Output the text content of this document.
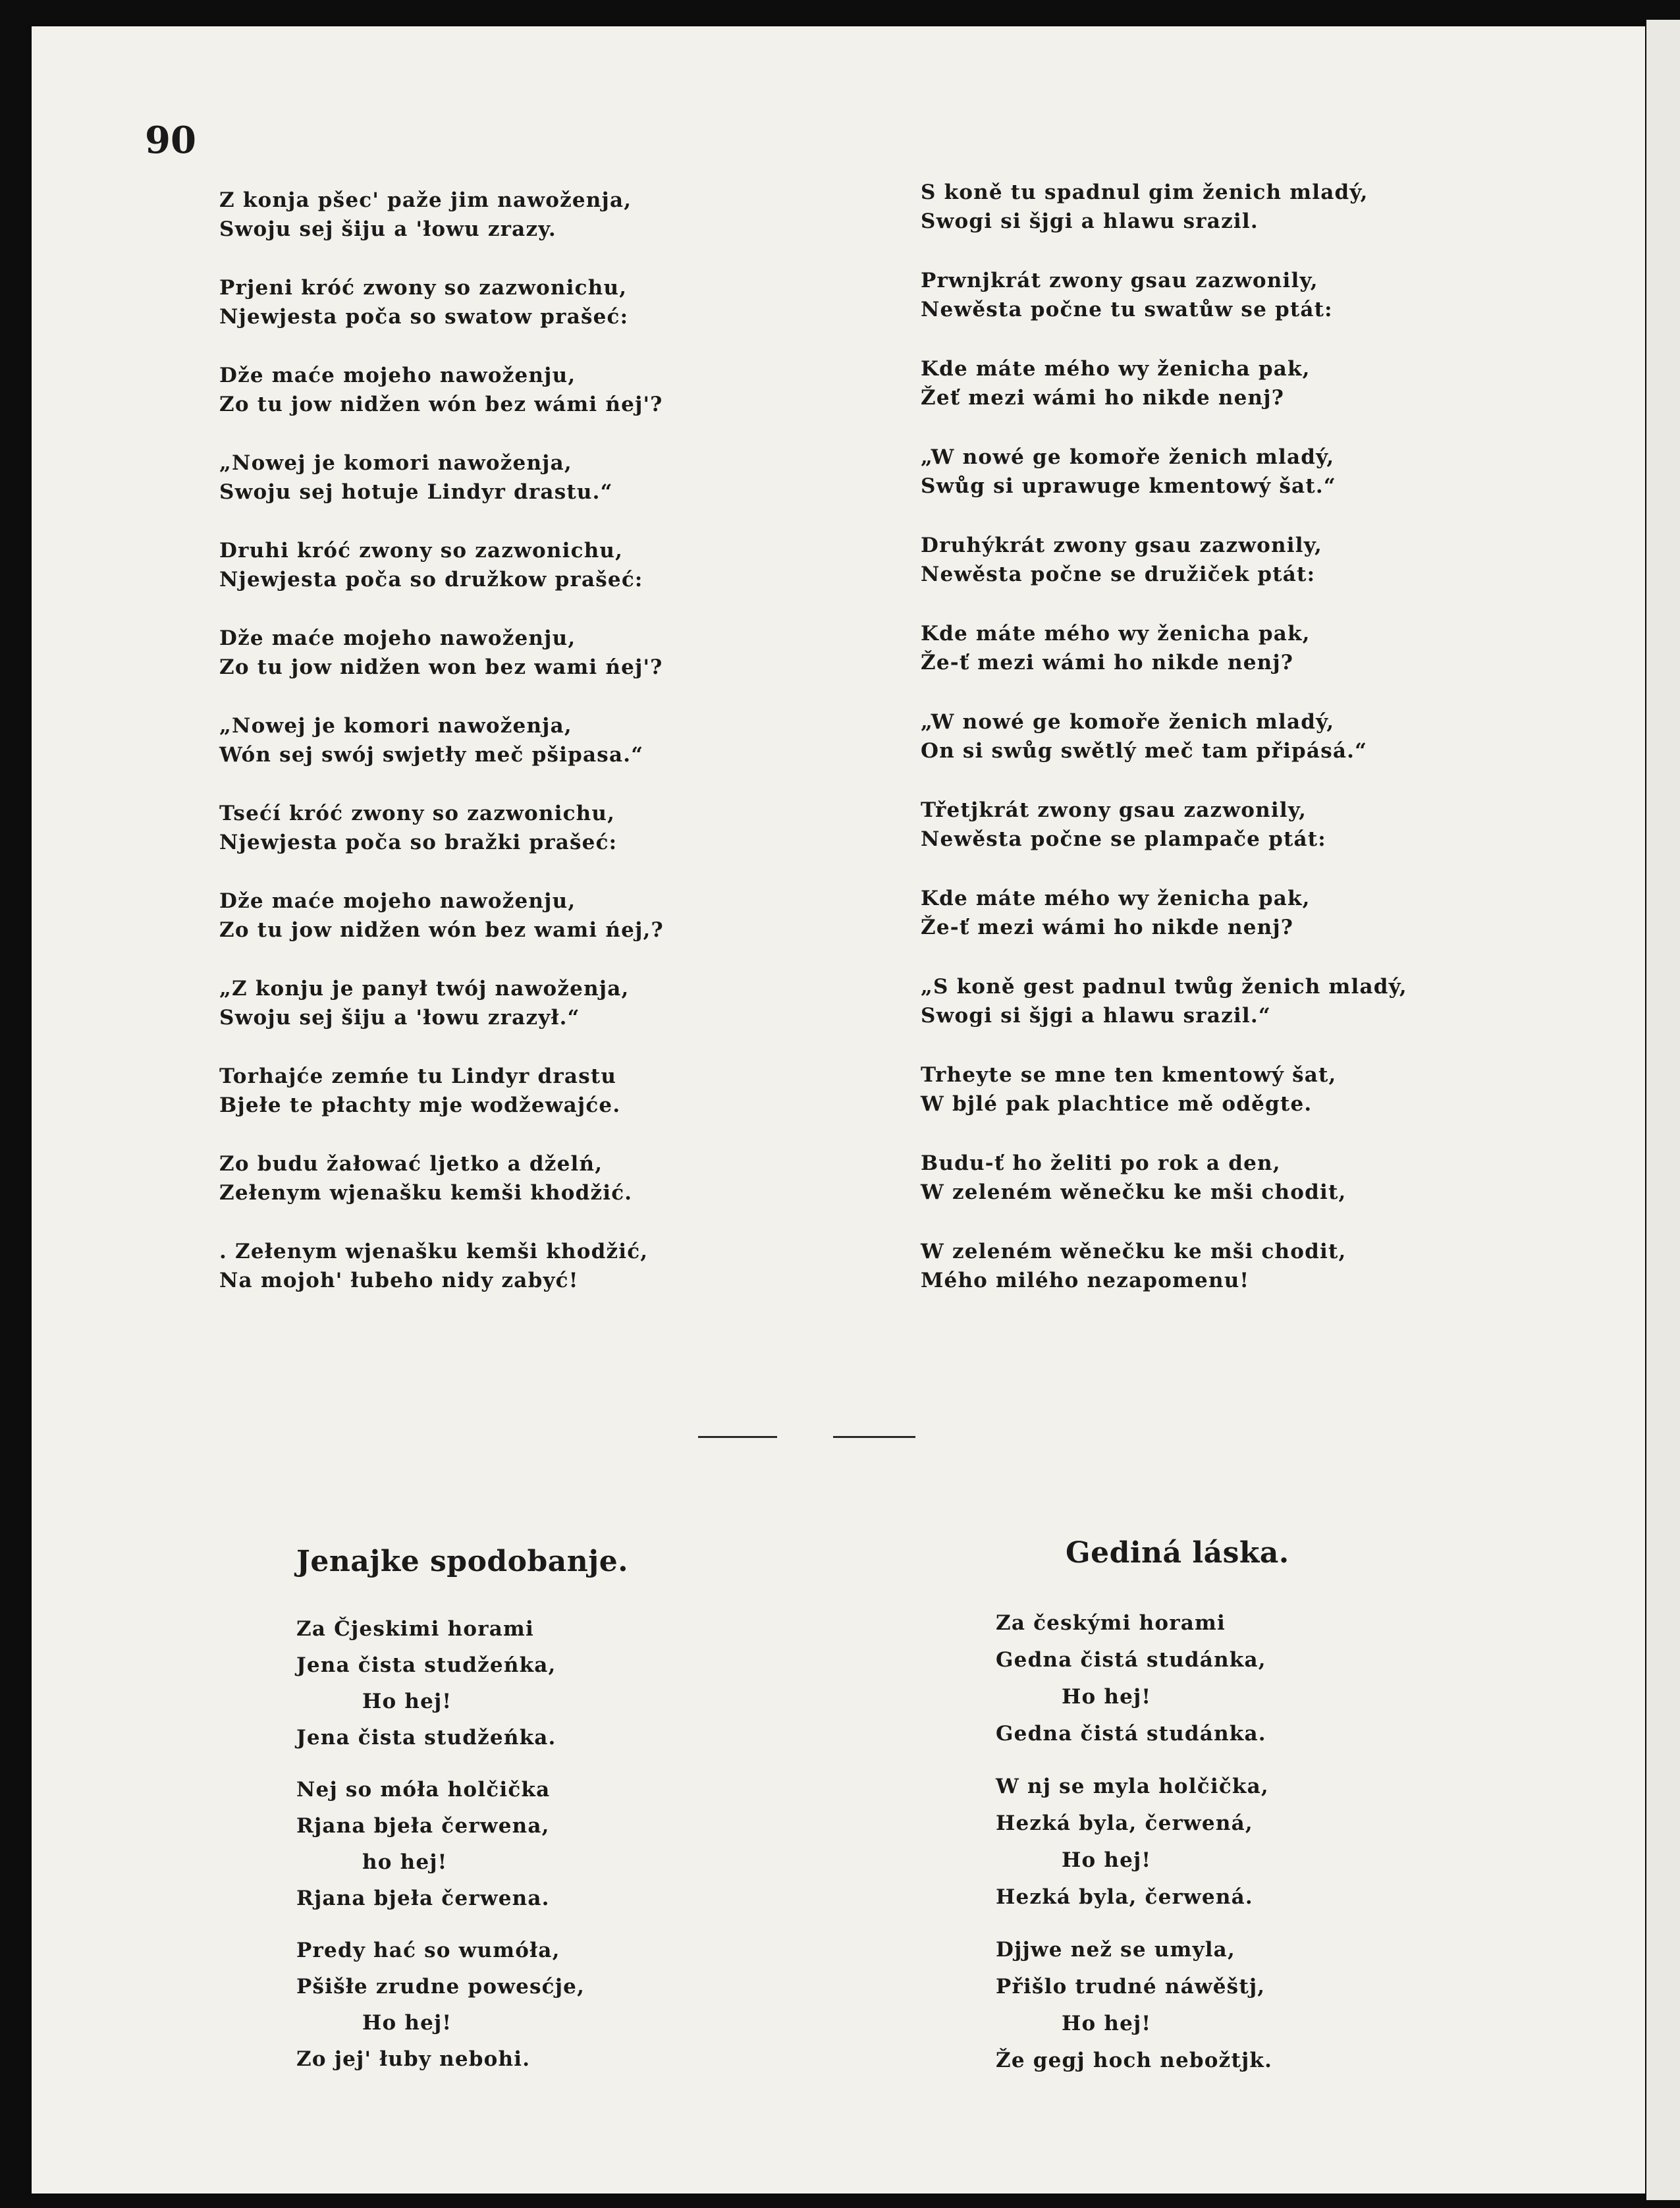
90
Z konja pšec' paže jim nawoženja,
Swoju sej šiju a 'łowu zrazy.
Prjeni króć zwony so zazwonichu,
Njewjesta poča so swatow prašeć:
Dže maće mojeho nawoženju,
Zo tu jow nidžen wón bez wámi ńej'?
„Nowej je komori nawoženja,
Swoju sej hotuje Lindyr drastu.“
Druhi króć zwony so zazwonichu,
Njewjesta poča so družkow prašeć:
Dže maće mojeho nawoženju,
Zo tu jow nidžen won bez wami ńej'?
„Nowej je komori nawoženja,
Wón sej swój swjetły meč pšipasa.“
Tsećí króć zwony so zazwonichu,
Njewjesta poča so bražki prašeć:
Dže maće mojeho nawoženju,
Zo tu jow nidžen wón bez wami ńej,?
„Z konju je panył twój nawoženja,
Swoju sej šiju a 'łowu zrazył.“
Torhajće zemńe tu Lindyr drastu
Bjełe te płachty mje wodžewajće.
Zo budu žałować ljetko a dželń,
Zełenym wjenašku kemši khodžić.
. Zełenym wjenašku kemši khodžić,
Na mojoh' łubeho nidy zabyć!
S koně tu spadnul gim ženich mladý,
Swogi si šjgi a hlawu srazil.
Prwnjkrát zwony gsau zazwonily,
Newěsta počne tu swatůw se ptát:
Kde máte mého wy ženicha pak,
Žeť mezi wámi ho nikde nenj?
„W nowé ge komoře ženich mladý,
Swůg si uprawuge kmentowý šat.“
Druhýkrát zwony gsau zazwonily,
Newěsta počne se družiček ptát:
Kde máte mého wy ženicha pak,
Že-ť mezi wámi ho nikde nenj?
„W nowé ge komoře ženich mladý,
On si swůg swětlý meč tam připásá.“
Třetjkrát zwony gsau zazwonily,
Newěsta počne se plampače ptát:
Kde máte mého wy ženicha pak,
Že-ť mezi wámi ho nikde nenj?
„S koně gest padnul twůg ženich mladý,
Swogi si šjgi a hlawu srazil.“
Trheyte se mne ten kmentowý šat,
W bjlé pak plachtice mě oděgte.
Budu-ť ho želiti po rok a den,
W zeleném wěnečku ke mši chodit,
W zeleném wěnečku ke mši chodit,
Mého milého nezapomenu!
Jenajke spodobanje.	Gediná láska.
Za Čjeskimi horami
Jena čista studžeńka,
Ho hej!
Jena čista studžeńka.
Nej so móła holčička
Rjana bjeła čerwena,
ho hej!
Rjana bjeła čerwena.
Predy hać so wumóła,
Pšišłe zrudne powesćje,
Ho hej!
Zo jej' łuby nebohi.
Za českými horami
Gedna čistá studánka,
Ho hej!
Gedna čistá studánka.
W nj se myla holčička,
Hezká byla, čerwená,
Ho hej!
Hezká byla, čerwená.
Djjwe než se umyla,
Přišlo trudné náwěštj,
Ho hej!
Že gegj hoch nebožtjk.
